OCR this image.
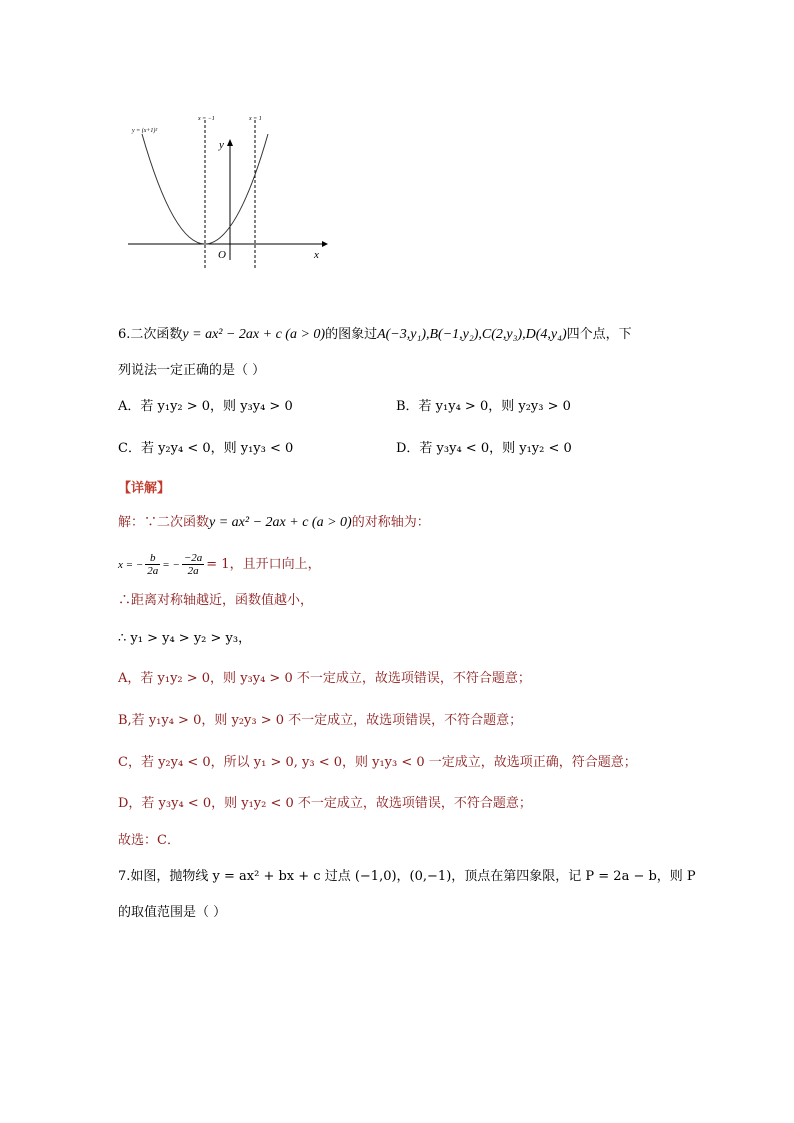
y = (x+1)²
x = −1	x = 1
y
x
O
6.二次函数y = ax² − 2ax + c (a > 0)的图象过A(−3,y₁),B(−1,y₂),C(2,y₃),D(4,y₄)四个点，下
列说法一定正确的是（ ）
A．若 y₁y₂ > 0，则 y₃y₄ > 0	B．若 y₁y₄ > 0，则 y₂y₃ > 0
C．若 y₂y₄ < 0，则 y₁y₃ < 0	D．若 y₃y₄ < 0，则 y₁y₂ < 0
【详解】
解：∵二次函数y = ax² − 2ax + c (a > 0)的对称轴为：
x = − $\frac{b}{2a}$ = − $\frac{-2a}{2a} = 1$，且开口向上，
∴距离对称轴越近，函数值越小，
∴ y₁ > y₄ > y₂ > y₃，
A，若 y₁y₂ > 0，则 y₃y₄ > 0 不一定成立，故选项错误，不符合题意；
B,若 y₁y₄ > 0，则 y₂y₃ > 0 不一定成立，故选项错误，不符合题意；
C，若 y₂y₄ < 0，所以 y₁ > 0, y₃ < 0，则 y₁y₃ < 0 一定成立，故选项正确，符合题意；
D，若 y₃y₄ < 0，则 y₁y₂ < 0 不一定成立，故选项错误，不符合题意；
故选：C．
7.如图，抛物线 y = ax² + bx + c 过点 (−1,0)，(0,−1)，顶点在第四象限，记 P = 2a − b，则 P
的取值范围是（ ）
